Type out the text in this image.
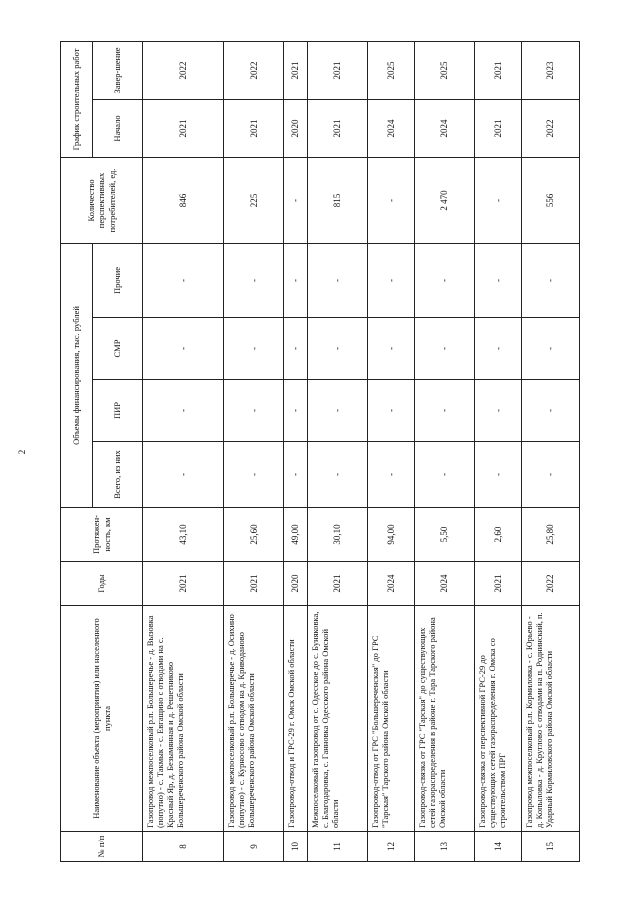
2
№ п/п	Наименование объекта (мероприятия) или населенного пункта	Годы	Протяжен-ность, км	Объемы финансирования, тыс. рублей				Количество перспективных потребителей, ед.	График строительных работ	
				Всего, из них	ПИР	СМР	Прочие		Начало	Завер-шение
8	Газопровод межпоселковый р.п. Большеречье - д. Вызовка (попутно) - с. Такмык - с. Евгащино с отводами на с. Красный Яр, д. Безымянная и д. Решетниково Большереченского района Омской области	2021	43,10	-	-	-	-	846	2021	2022
9	Газопровод межпоселковый р.п. Большеречье - д. Осихино (попутно) - с. Курносово с отводом на д. Криводаново Большереченского района Омской области	2021	25,60	-	-	-	-	225	2021	2022
10	Газопровод-отвод и ГРС-29 г. Омск Омской области	2020	49,00	-	-	-	-	-	2020	2021
11	Межпоселковый газопровод от с. Одесское до с. Буняковка, с. Благодаровка, с. Ганновка Одесского района Омской области	2021	30,10	-	-	-	-	815	2021	2021
12	Газопровод-отвод от ГРС "Большереченская" до ГРС "Тарская" Тарского района Омской области	2024	94,00	-	-	-	-	-	2024	2025
13	Газопровод-связка от ГРС "Тарская" до существующих сетей газораспределения в районе г. Тара Тарского района Омской области	2024	5,50	-	-	-	-	2 470	2024	2025
14	Газопровод-связка от перспективной ГРС-29 до существующих сетей газораспределения г. Омска со строительством ПРГ	2021	2,60	-	-	-	-	-	2021	2021
15	Газопровод межпоселковый р.п. Кормиловка - с. Юрьево - д. Копыловка - д. Круглово с отводами на п. Роднинский, п. Ударный Кормиловского района Омской области	2022	25,80	-	-	-	-	556	2022	2023
